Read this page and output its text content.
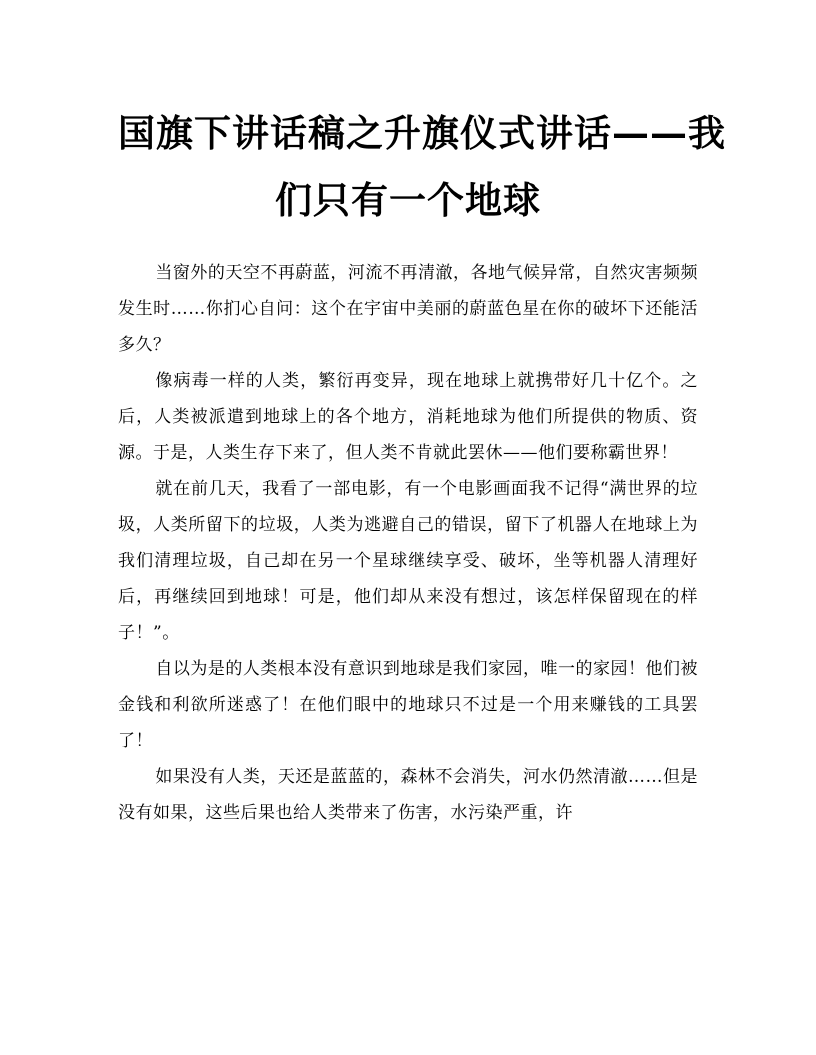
国旗下讲话稿之升旗仪式讲话——我
们只有一个地球

当窗外的天空不再蔚蓝，河流不再清澈，各地气候异常，自然灾害频频发生时……你扪心自问：这个在宇宙中美丽的蔚蓝色星在你的破坏下还能活多久？

像病毒一样的人类，繁衍再变异，现在地球上就携带好几十亿个。之后，人类被派遣到地球上的各个地方，消耗地球为他们所提供的物质、资源。于是，人类生存下来了，但人类不肯就此罢休——他们要称霸世界！

就在前几天，我看了一部电影，有一个电影画面我不记得“满世界的垃圾，人类所留下的垃圾，人类为逃避自己的错误，留下了机器人在地球上为我们清理垃圾，自己却在另一个星球继续享受、破坏，坐等机器人清理好后，再继续回到地球！可是，他们却从来没有想过，该怎样保留现在的样子！”。

自以为是的人类根本没有意识到地球是我们家园，唯一的家园！他们被金钱和利欲所迷惑了！在他们眼中的地球只不过是一个用来赚钱的工具罢了！

如果没有人类，天还是蓝蓝的，森林不会消失，河水仍然清澈……但是没有如果，这些后果也给人类带来了伤害，水污染严重，许
